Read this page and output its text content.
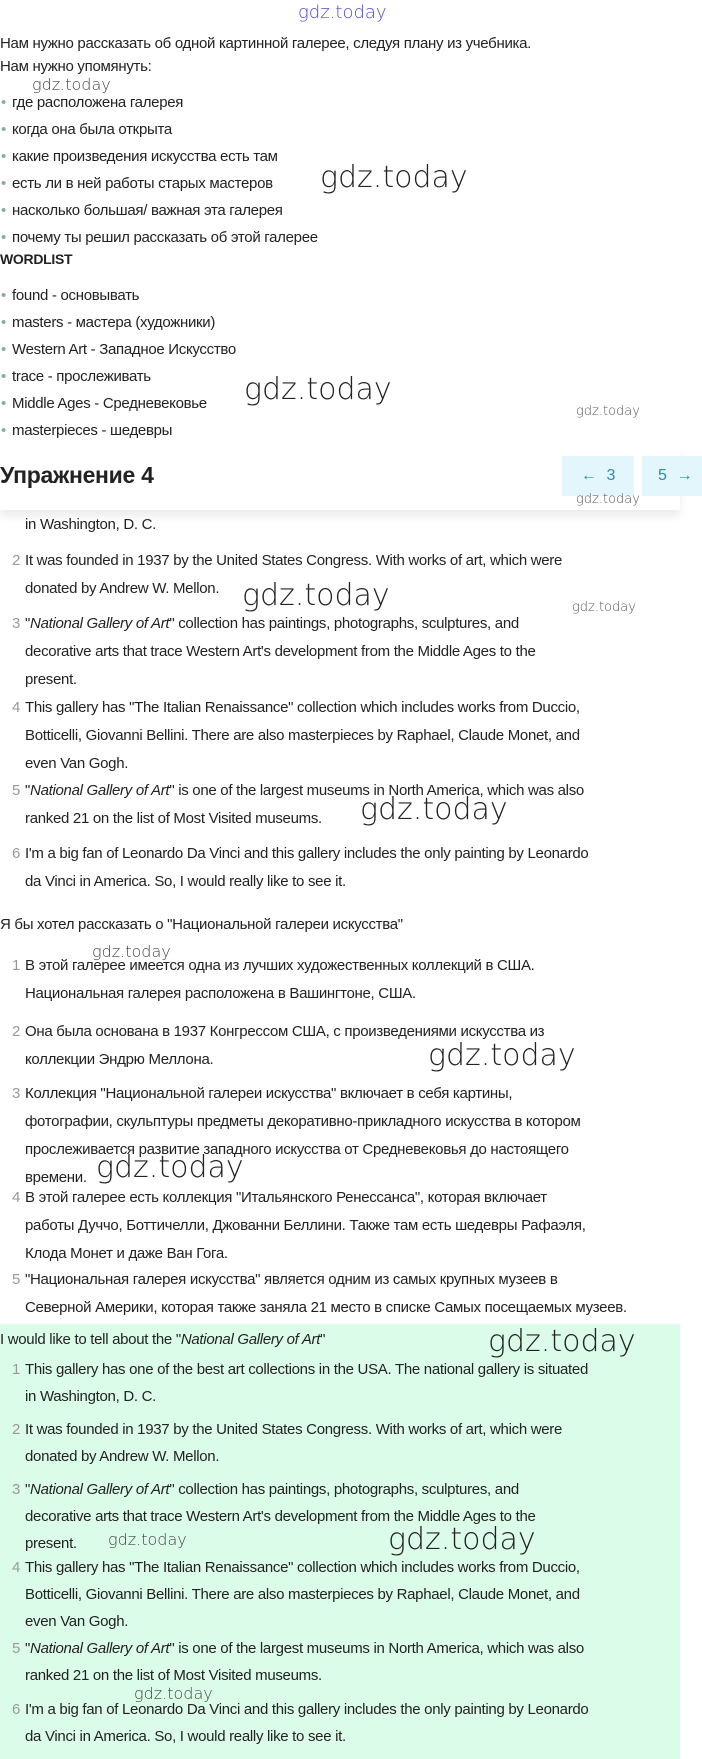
gdz.today
Нам нужно рассказать об одной картинной галерее, следуя плану из учебника.
Нам нужно упомянуть:
gdz.today
• где расположена галерея
• когда она была открыта
• какие произведения искусства есть там
• есть ли в ней работы старых мастеров
• насколько большая/ важная эта галерея
• почему ты решил рассказать об этой галерее
WORDLIST
• found - основывать
• masters - мастера (художники)
• Western Art - Западное Искусство
• trace - прослеживать
• Middle Ages - Средневековье
• masterpieces - шедевры
gdz.today
gdz.today
gdz.today
Упражнение 4	← 3	5 →
gdz.today
in Washington, D. C.
2 It was founded in 1937 by the United States Congress. With works of art, which were
donated by Andrew W. Mellon.
3 "National Gallery of Art" collection has paintings, photographs, sculptures, and
decorative arts that trace Western Art's development from the Middle Ages to the
present.
4 This gallery has "The Italian Renaissance" collection which includes works from Duccio,
Botticelli, Giovanni Bellini. There are also masterpieces by Raphael, Claude Monet, and
even Van Gogh.
5 "National Gallery of Art" is one of the largest museums in North America, which was also
ranked 21 on the list of Most Visited museums.
6 I'm a big fan of Leonardo Da Vinci and this gallery includes the only painting by Leonardo
da Vinci in America. So, I would really like to see it.
gdz.today	gdz.today
gdz.today
Я бы хотел рассказать о "Национальной галереи искусства"
1 В этой галерее имеется одна из лучших художественных коллекций в США.
Национальная галерея расположена в Вашингтоне, США.
2 Она была основана в 1937 Конгрессом США, с произведениями искусства из
коллекции Эндрю Меллона.
3 Коллекция "Национальной галереи искусства" включает в себя картины,
фотографии, скульптуры предметы декоративно-прикладного искусства в котором
прослеживается развитие западного искусства от Средневековья до настоящего
времени.
4 В этой галерее есть коллекция "Итальянского Ренессанса", которая включает
работы Дуччо, Боттичелли, Джованни Беллини. Также там есть шедевры Рафаэля,
Клода Монет и даже Ван Гога.
5 "Национальная галерея искусства" является одним из самых крупных музеев в
Северной Америки, которая также заняла 21 место в списке Самых посещаемых музеев.
gdz.today
gdz.today
gdz.today
gdz.today
I would like to tell about the "National Gallery of Art"
1 This gallery has one of the best art collections in the USA. The national gallery is situated
in Washington, D. C.
2 It was founded in 1937 by the United States Congress. With works of art, which were
donated by Andrew W. Mellon.
3 "National Gallery of Art" collection has paintings, photographs, sculptures, and
decorative arts that trace Western Art's development from the Middle Ages to the
present.
4 This gallery has "The Italian Renaissance" collection which includes works from Duccio,
Botticelli, Giovanni Bellini. There are also masterpieces by Raphael, Claude Monet, and
even Van Gogh.
5 "National Gallery of Art" is one of the largest museums in North America, which was also
ranked 21 on the list of Most Visited museums.
6 I'm a big fan of Leonardo Da Vinci and this gallery includes the only painting by Leonardo
da Vinci in America. So, I would really like to see it.
gdz.today	gdz.today
gdz.today
